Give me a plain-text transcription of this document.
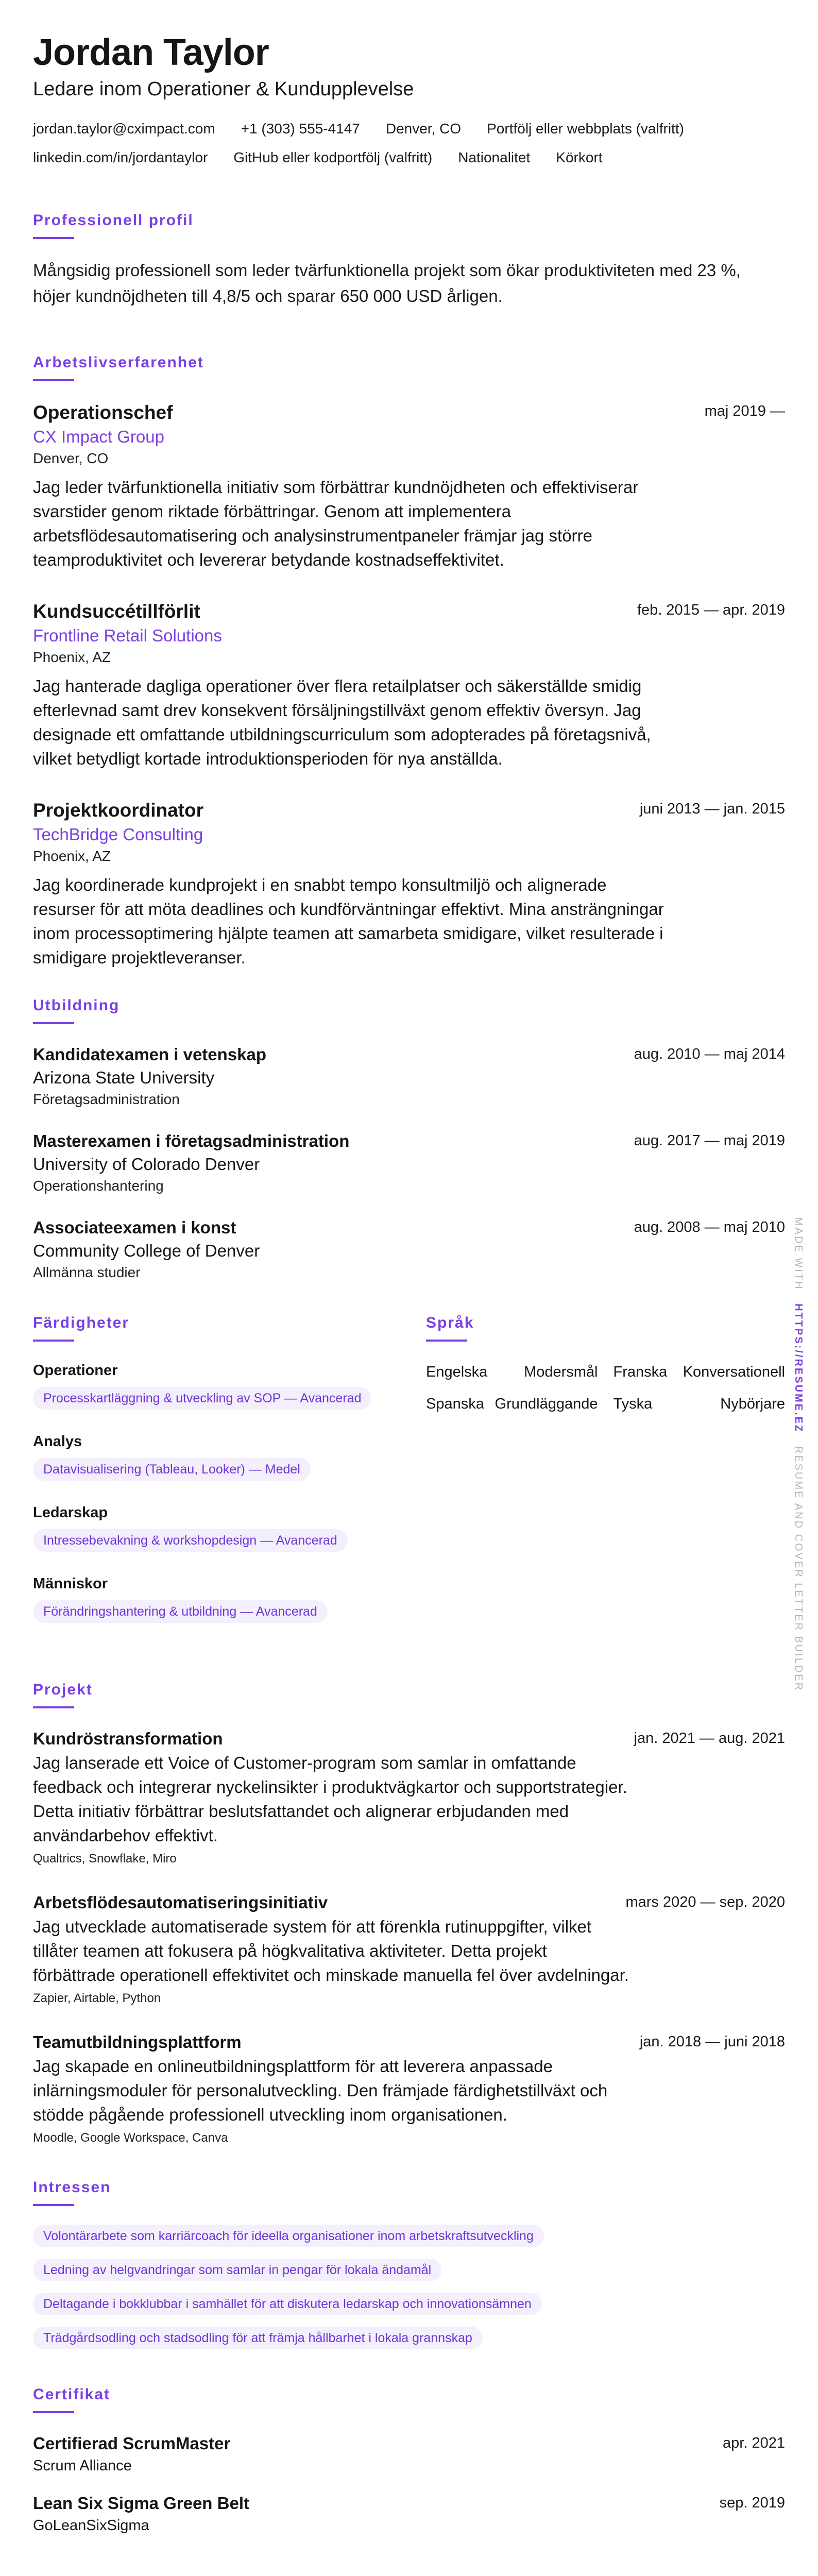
Jordan Taylor
Ledare inom Operationer & Kundupplevelse
jordan.taylor@cximpact.com +1 (303) 555-4147 Denver, CO Portfölj eller webbplats (valfritt)
linkedin.com/in/jordantaylor GitHub eller kodportfölj (valfritt) Nationalitet Körkort
Professionell profil
Mångsidig professionell som leder tvärfunktionella projekt som ökar produktiviteten med 23 %, höjer kundnöjdheten till 4,8/5 och sparar 650 000 USD årligen.
Arbetslivserfarenhet
Operationschef	maj 2019 —
CX Impact Group
Denver, CO
Jag leder tvärfunktionella initiativ som förbättrar kundnöjdheten och effektiviserar svarstider genom riktade förbättringar. Genom att implementera arbetsflödesautomatisering och analysinstrumentpaneler främjar jag större teamproduktivitet och levererar betydande kostnadseffektivitet.
Kundsuccétillförlit	feb. 2015 — apr. 2019
Frontline Retail Solutions
Phoenix, AZ
Jag hanterade dagliga operationer över flera retailplatser och säkerställde smidig efterlevnad samt drev konsekvent försäljningstillväxt genom effektiv översyn. Jag designade ett omfattande utbildningscurriculum som adopterades på företagsnivå, vilket betydligt kortade introduktionsperioden för nya anställda.
Projektkoordinator	juni 2013 — jan. 2015
TechBridge Consulting
Phoenix, AZ
Jag koordinerade kundprojekt i en snabbt tempo konsultmiljö och alignerade resurser för att möta deadlines och kundförväntningar effektivt. Mina ansträngningar inom processoptimering hjälpte teamen att samarbeta smidigare, vilket resulterade i smidigare projektleveranser.
Utbildning
Kandidatexamen i vetenskap	aug. 2010 — maj 2014
Arizona State University
Företagsadministration
Masterexamen i företagsadministration	aug. 2017 — maj 2019
University of Colorado Denver
Operationshantering
Associateexamen i konst	aug. 2008 — maj 2010
Community College of Denver
Allmänna studier
Färdigheter
Operationer
Processkartläggning & utveckling av SOP — Avancerad
Analys
Datavisualisering (Tableau, Looker) — Medel
Ledarskap
Intressebevakning & workshopdesign — Avancerad
Människor
Förändringshantering & utbildning — Avancerad
Språk
Engelska Modersmål Franska Konversationell
Spanska Grundläggande Tyska	Nybörjare
Projekt
Kundröstransformation	jan. 2021 — aug. 2021
Jag lanserade ett Voice of Customer-program som samlar in omfattande feedback och integrerar nyckelinsikter i produktvägkartor och supportstrategier. Detta initiativ förbättrar beslutsfattandet och alignerar erbjudanden med användarbehov effektivt.
Qualtrics, Snowflake, Miro
Arbetsflödesautomatiseringsinitiativ	mars 2020 — sep. 2020
Jag utvecklade automatiserade system för att förenkla rutinuppgifter, vilket tillåter teamen att fokusera på högkvalitativa aktiviteter. Detta projekt förbättrade operationell effektivitet och minskade manuella fel över avdelningar.
Zapier, Airtable, Python
Teamutbildningsplattform	jan. 2018 — juni 2018
Jag skapade en onlineutbildningsplattform för att leverera anpassade inlärningsmoduler för personalutveckling. Den främjade färdighetstillväxt och stödde pågående professionell utveckling inom organisationen.
Moodle, Google Workspace, Canva
Intressen
Volontärarbete som karriärcoach för ideella organisationer inom arbetskraftsutveckling
Ledning av helgvandringar som samlar in pengar för lokala ändamål
Deltagande i bokklubbar i samhället för att diskutera ledarskap och innovationsämnen
Trädgårdsodling och stadsodling för att främja hållbarhet i lokala grannskap
Certifikat
Certifierad ScrumMaster	apr. 2021
Scrum Alliance
Lean Six Sigma Green Belt	sep. 2019
GoLeanSixSigma
MADE WITH   HTTPS://RESUME.EZ   RESUME AND COVER LETTER BUILDER
